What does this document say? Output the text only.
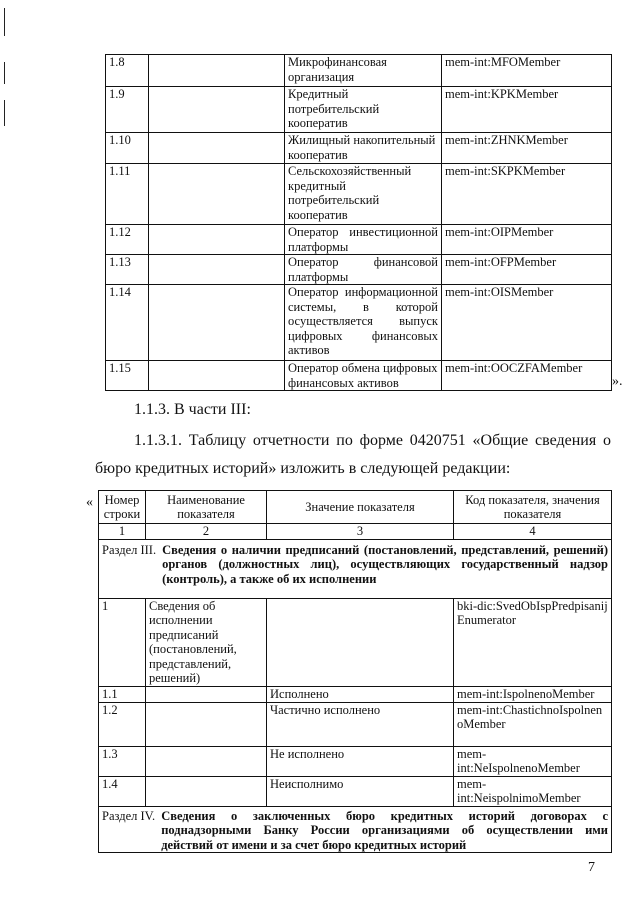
1.8		Микрофинансовая организация	mem-int:MFOMember
1.9		Кредитный потребительский кооператив	mem-int:KPKMember
1.10		Жилищный накопительный кооператив	mem-int:ZHNKMember
1.11		Сельскохозяйственный кредитный потребительский кооператив	mem-int:SKPKMember
1.12		Оператор инвестиционной платформы	mem-int:OIPMember
1.13		Оператор финансовой платформы	mem-int:OFPMember
1.14		Оператор информационной системы, в которой осуществляется выпуск цифровых финансовых активов	mem-int:OISMember
1.15		Оператор обмена цифровых финансовых активов	mem-int:OOCZFAMember
».
1.1.3. В части III:
1.1.3.1. Таблицу отчетности по форме 0420751 «Общие сведения о бюро кредитных историй» изложить в следующей редакции:
« Номер строки	Наименование показателя	Значение показателя	Код показателя, значения показателя
1	2	3	4

Раздел III. Сведения о наличии предписаний (постановлений, представлений, решений) органов (должностных лиц), осуществляющих государственный надзор (контроль), а также об их исполнении			

1	Сведения об исполнении предписаний (постановлений, представлений, решений)		bki-dic:SvedObIspPredpisanijEnumerator
1.1		Исполнено	mem-int:IspolnenoMember
1.2		Частично исполнено	mem-int:ChastichnoIspolnenoMember
1.3		Не исполнено	mem-int:NeIspolnenoMember
1.4		Неисполнимо	mem-int:NeispolnimoMember

Раздел IV. Сведения о заключенных бюро кредитных историй договорах с поднадзорными Банку России организациями об осуществлении ими действий от имени и за счет бюро кредитных историй			
7
